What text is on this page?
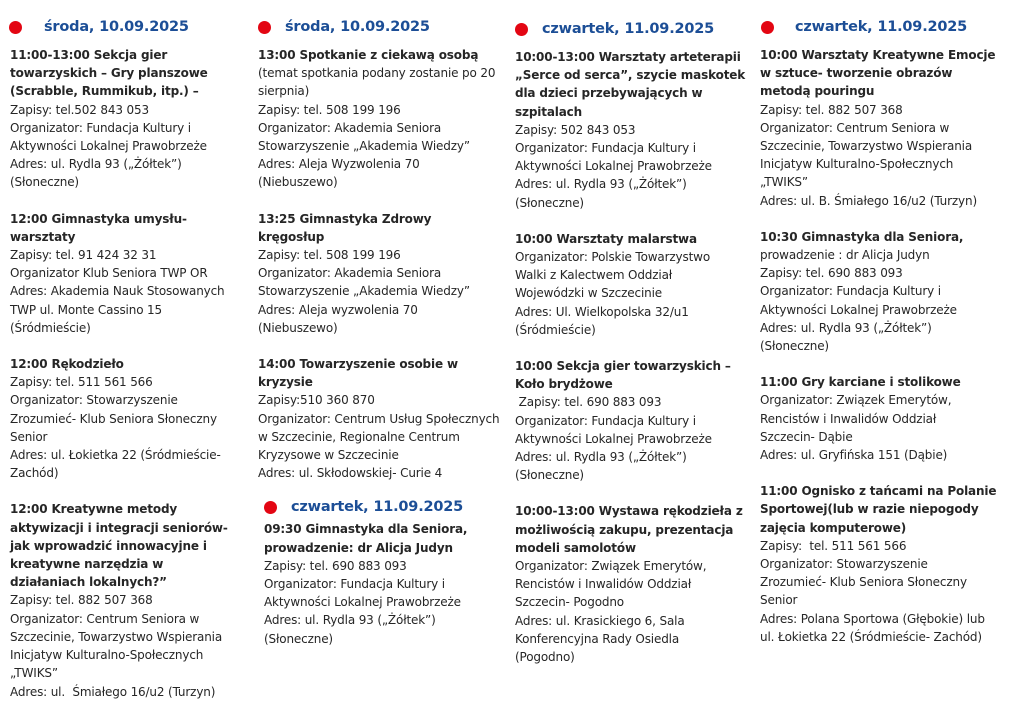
środa, 10.09.2025
11:00-13:00 Sekcja gier towarzyskich – Gry planszowe (Scrabble, Rummikub, itp.) –
Zapisy: tel.502 843 053
Organizator: Fundacja Kultury i Aktywności Lokalnej Prawobrzeże
Adres: ul. Rydla 93 („Żółtek”) (Słoneczne)
12:00 Gimnastyka umysłu-warsztaty
Zapisy: tel. 91 424 32 31
Organizator Klub Seniora TWP OR
Adres: Akademia Nauk Stosowanych TWP ul. Monte Cassino 15 (Śródmieście)
12:00 Rękodzieło
Zapisy: tel. 511 561 566
Organizator: Stowarzyszenie Zrozumieć- Klub Seniora Słoneczny Senior
Adres: ul. Łokietka 22 (Śródmieście-Zachód)
12:00 Kreatywne metody aktywizacji i integracji seniorów- jak wprowadzić innowacyjne i kreatywne narzędzia w działaniach lokalnych?”
Zapisy: tel. 882 507 368
Organizator: Centrum Seniora w Szczecinie, Towarzystwo Wspierania Inicjatyw Kulturalno-Społecznych „TWIKS”
Adres: ul.  Śmiałego 16/u2 (Turzyn)
środa, 10.09.2025
13:00 Spotkanie z ciekawą osobą
(temat spotkania podany zostanie po 20 sierpnia)
Zapisy: tel. 508 199 196
Organizator: Akademia Seniora Stowarzyszenie „Akademia Wiedzy”
Adres: Aleja Wyzwolenia 70 (Niebuszewo)
13:25 Gimnastyka Zdrowy kręgosłup
Zapisy: tel. 508 199 196
Organizator: Akademia Seniora Stowarzyszenie „Akademia Wiedzy”
Adres: Aleja wyzwolenia 70 (Niebuszewo)
14:00 Towarzyszenie osobie w kryzysie
Zapisy:510 360 870
Organizator: Centrum Usług Społecznych w Szczecinie, Regionalne Centrum Kryzysowe w Szczecinie
Adres: ul. Skłodowskiej- Curie 4
czwartek, 11.09.2025
09:30 Gimnastyka dla Seniora, prowadzenie: dr Alicja Judyn
Zapisy: tel. 690 883 093
Organizator: Fundacja Kultury i Aktywności Lokalnej Prawobrzeże
Adres: ul. Rydla 93 („Żółtek”) (Słoneczne)
czwartek, 11.09.2025
10:00-13:00 Warsztaty arteterapii „Serce od serca”, szycie maskotek dla dzieci przebywających w szpitalach
Zapisy: 502 843 053
Organizator: Fundacja Kultury i Aktywności Lokalnej Prawobrzeże
Adres: ul. Rydla 93 („Żółtek”) (Słoneczne)
10:00 Warsztaty malarstwa
Organizator: Polskie Towarzystwo Walki z Kalectwem Oddział Wojewódzki w Szczecinie
Adres: Ul. Wielkopolska 32/u1 (Śródmieście)
10:00 Sekcja gier towarzyskich – Koło brydżowe
Zapisy: tel. 690 883 093
Organizator: Fundacja Kultury i Aktywności Lokalnej Prawobrzeże
Adres: ul. Rydla 93 („Żółtek”) (Słoneczne)
10:00-13:00 Wystawa rękodzieła z możliwością zakupu, prezentacja modeli samolotów
Organizator: Związek Emerytów, Rencistów i Inwalidów Oddział Szczecin- Pogodno
Adres: ul. Krasickiego 6, Sala Konferencyjna Rady Osiedla (Pogodno)
czwartek, 11.09.2025
10:00 Warsztaty Kreatywne Emocje w sztuce- tworzenie obrazów metodą pouringu
Zapisy: tel. 882 507 368
Organizator: Centrum Seniora w Szczecinie, Towarzystwo Wspierania Inicjatyw Kulturalno-Społecznych „TWIKS”
Adres: ul. B. Śmiałego 16/u2 (Turzyn)
10:30 Gimnastyka dla Seniora,
prowadzenie : dr Alicja Judyn
Zapisy: tel. 690 883 093
Organizator: Fundacja Kultury i Aktywności Lokalnej Prawobrzeże
Adres: ul. Rydla 93 („Żółtek”) (Słoneczne)
11:00 Gry karciane i stolikowe
Organizator: Związek Emerytów, Rencistów i Inwalidów Oddział Szczecin- Dąbie
Adres: ul. Gryfińska 151 (Dąbie)
11:00 Ognisko z tańcami na Polanie Sportowej(lub w razie niepogody zajęcia komputerowe)
Zapisy:  tel. 511 561 566
Organizator: Stowarzyszenie Zrozumieć- Klub Seniora Słoneczny Senior
Adres: Polana Sportowa (Głębokie) lub ul. Łokietka 22 (Śródmieście- Zachód)
